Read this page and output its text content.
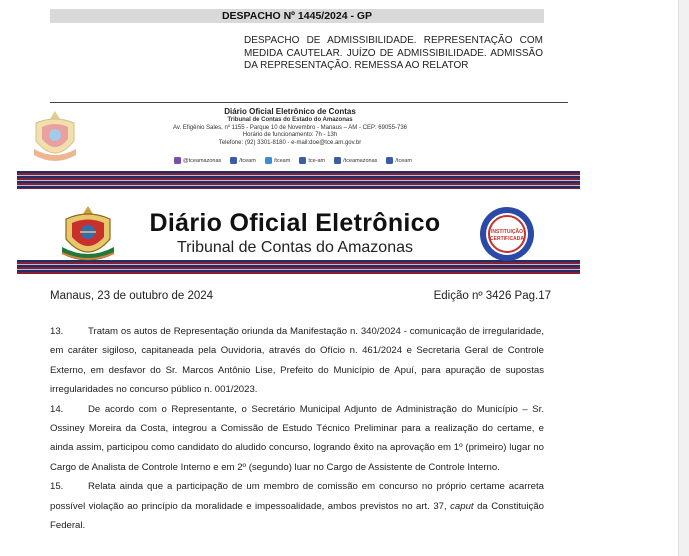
DESPACHO Nº 1445/2024 - GP
DESPACHO DE ADMISSIBILIDADE. REPRESENTAÇÃO COM MEDIDA CAUTELAR. JUÍZO DE ADMISSIBILIDADE. ADMISSÃO DA REPRESENTAÇÃO. REMESSA AO RELATOR
Diário Oficial Eletrônico de Contas
Tribunal de Contas do Estado do Amazonas
Av. Efigênio Sales, nº 1155 - Parque 10 de Novembro - Manaus – AM - CEP: 69055-736
Horário de funcionamento: 7h - 13h
Telefone: (92) 3301-8180 - e-mail:doe@tce.am.gov.br
@tceamazonas	/tceam	/tceam	tce-am	/tceamazonas	/tceam
Diário Oficial Eletrônico
Tribunal de Contas do Amazonas
INSTITUIÇÃO
CERTIFICADA
Manaus, 23 de outubro de 2024	Edição nº 3426 Pag.17

13.	Tratam os autos de Representação oriunda da Manifestação n. 340/2024 - comunicação de irregularidade, em caráter sigiloso, capitaneada pela Ouvidoria, através do Ofício n. 461/2024 e Secretaria Geral de Controle Externo, em desfavor do Sr. Marcos Antônio Lise, Prefeito do Município de Apuí, para apuração de supostas irregularidades no concurso público n. 001/2023.

14.	De acordo com o Representante, o Secretário Municipal Adjunto de Administração do Município – Sr. Ossiney Moreira da Costa, integrou a Comissão de Estudo Técnico Preliminar para a realização do certame, e ainda assim, participou como candidato do aludido concurso, logrando êxito na aprovação em 1º (primeiro) lugar no Cargo de Analista de Controle Interno e em 2º (segundo) luar no Cargo de Assistente de Controle Interno.

15.	Relata ainda que a participação de um membro de comissão em concurso no próprio certame acarreta possível violação ao princípio da moralidade e impessoalidade, ambos previstos no art. 37, caput da Constituição Federal.
